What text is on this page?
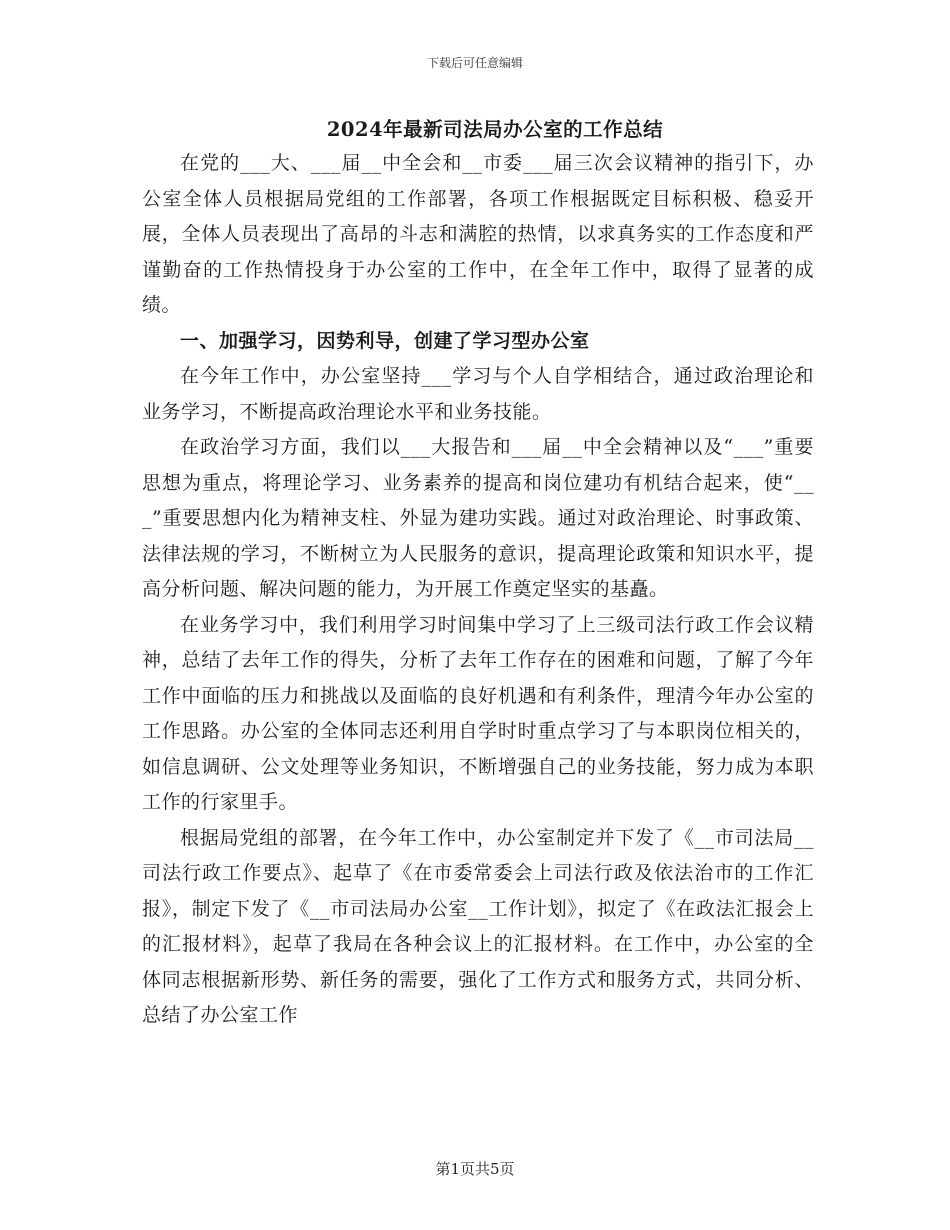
下载后可任意编辑
2024年最新司法局办公室的工作总结

在党的___大、___届__中全会和__市委___届三次会议精神的指引下，办公室全体人员根据局党组的工作部署，各项工作根据既定目标积极、稳妥开展，全体人员表现出了高昂的斗志和满腔的热情，以求真务实的工作态度和严谨勤奋的工作热情投身于办公室的工作中，在全年工作中，取得了显著的成绩。

一、加强学习，因势利导，创建了学习型办公室

在今年工作中，办公室坚持___学习与个人自学相结合，通过政治理论和业务学习，不断提高政治理论水平和业务技能。

在政治学习方面，我们以___大报告和___届__中全会精神以及“___”重要思想为重点，将理论学习、业务素养的提高和岗位建功有机结合起来，使“___”重要思想内化为精神支柱、外显为建功实践。通过对政治理论、时事政策、法律法规的学习，不断树立为人民服务的意识，提高理论政策和知识水平，提高分析问题、解决问题的能力，为开展工作奠定坚实的基矗。

在业务学习中，我们利用学习时间集中学习了上三级司法行政工作会议精神，总结了去年工作的得失，分析了去年工作存在的困难和问题，了解了今年工作中面临的压力和挑战以及面临的良好机遇和有利条件，理清今年办公室的工作思路。办公室的全体同志还利用自学时时重点学习了与本职岗位相关的，如信息调研、公文处理等业务知识，不断增强自己的业务技能，努力成为本职工作的行家里手。

根据局党组的部署，在今年工作中，办公室制定并下发了《__市司法局__司法行政工作要点》、起草了《在市委常委会上司法行政及依法治市的工作汇报》，制定下发了《__市司法局办公室__工作计划》，拟定了《在政法汇报会上的汇报材料》，起草了我局在各种会议上的汇报材料。在工作中，办公室的全体同志根据新形势、新任务的需要，强化了工作方式和服务方式，共同分析、总结了办公室工作

第1页共5页
